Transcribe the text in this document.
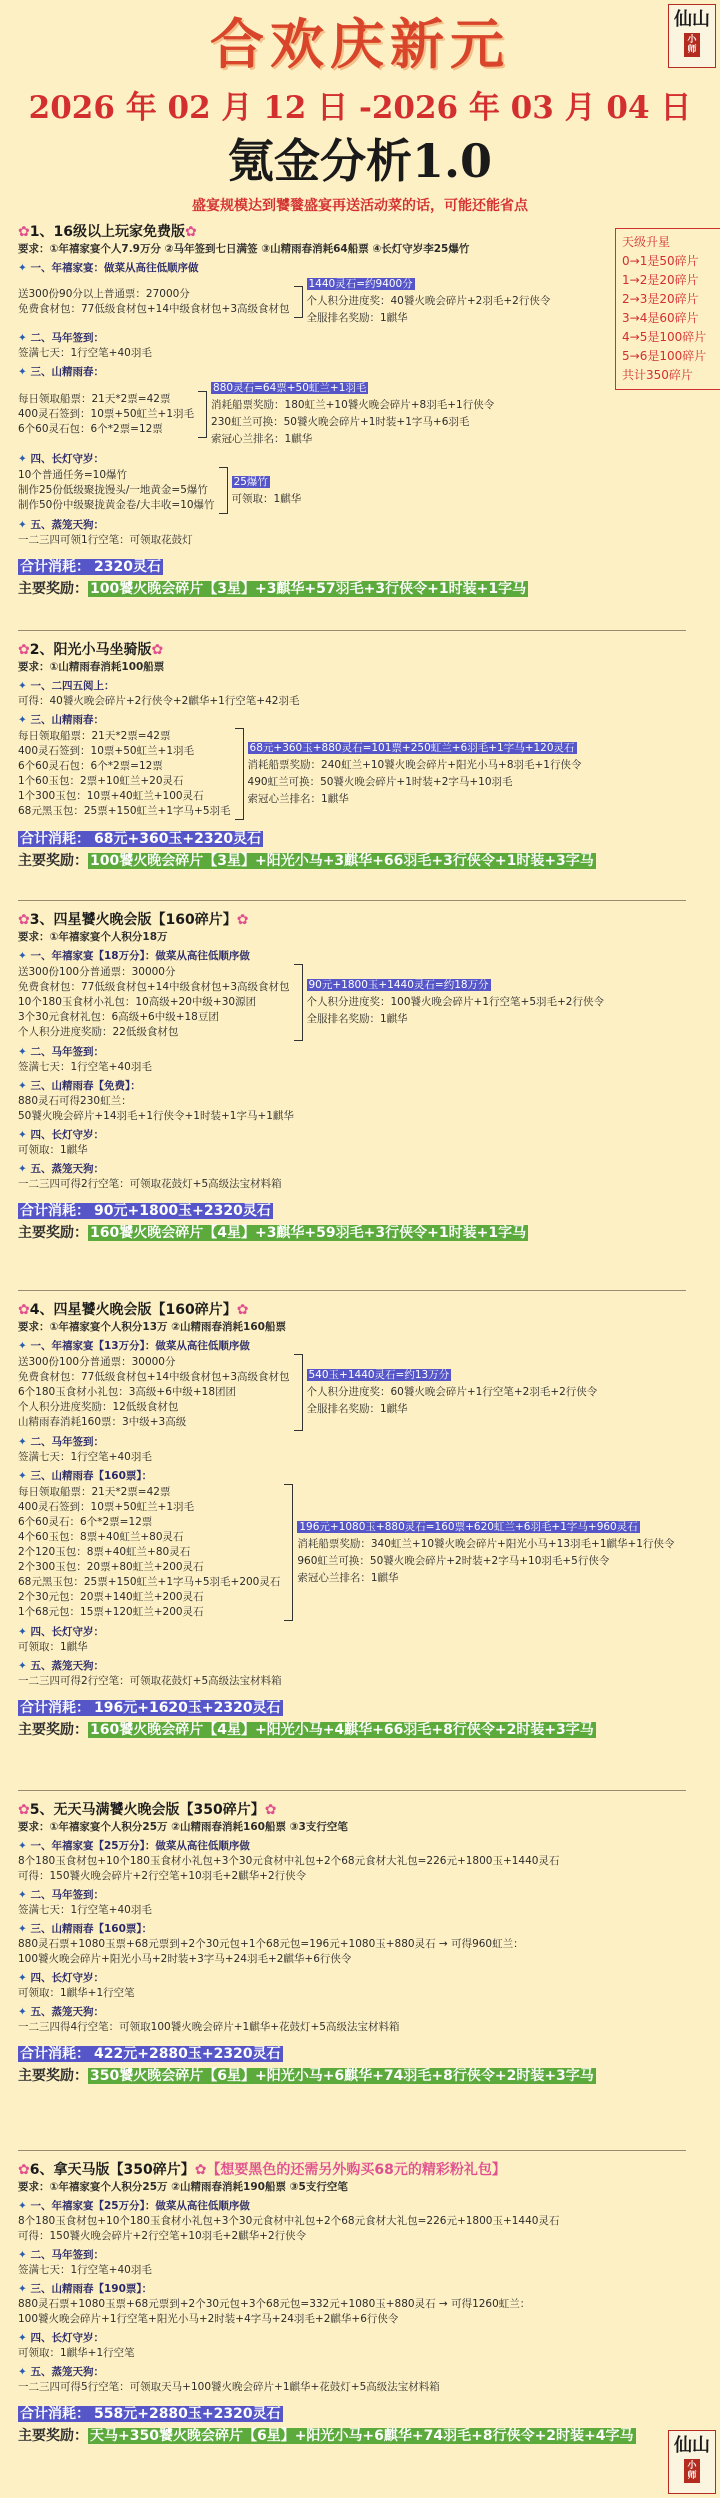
合欢庆新元
2026 年 02 月 12 日 -2026 年 03 月 04 日
氪金分析1.0
盛宴规模达到饕餮盛宴再送活动菜的话，可能还能省点
仙山
小师
仙山
小师
天级升星
0→1是50碎片
1→2是20碎片
2→3是20碎片
3→4是60碎片
4→5是100碎片
5→6是100碎片
共计350碎片
✿1、16级以上玩家免费版✿
要求：①年禧家宴个人7.9万分 ②马年签到七日满签 ③山精雨春消耗64船票 ④长灯守岁李25爆竹
✦ 一、年禧家宴：做菜从高往低顺序做
送300份90分以上普通票：27000分
免费食材包：77低级食材包+14中级食材包+3高级食材包
1440灵石=约9400分
个人积分进度奖：40饕火晚会碎片+2羽毛+2行侠令
全服排名奖励：1麒华
✦ 二、马年签到：
签满七天：1行空笔+40羽毛
✦ 三、山精雨春：
每日领取船票：21天*2票=42票
400灵石签到：10票+50虹兰+1羽毛
6个60灵石包：6个*2票=12票
880灵石=64票+50虹兰+1羽毛
消耗船票奖励：180虹兰+10饕火晚会碎片+8羽毛+1行侠令
230虹兰可换：50饕火晚会碎片+1时装+1字马+6羽毛
索冠心兰排名：1麒华
✦ 四、长灯守岁：
10个普通任务=10爆竹
制作25份低级聚拢馒头/一地黄金=5爆竹
制作50份中级聚拢黄金卷/大丰收=10爆竹
25爆竹
可领取：1麒华
✦ 五、蒸笼天狗：
一二三四可领1行空笔：可领取花鼓灯
合计消耗： 2320灵石
主要奖励： 100饕火晚会碎片【3星】+3麒华+57羽毛+3行侠令+1时装+1字马
✿2、阳光小马坐骑版✿
要求：①山精雨春消耗100船票
✦ 一、二四五阅上：
可得：40饕火晚会碎片+2行侠令+2麒华+1行空笔+42羽毛
✦ 三、山精雨春：
每日领取船票：21天*2票=42票
400灵石签到：10票+50虹兰+1羽毛
6个60灵石包：6个*2票=12票
1个60玉包：2票+10虹兰+20灵石
1个300玉包：10票+40虹兰+100灵石
68元黑玉包：25票+150虹兰+1字马+5羽毛
68元+360玉+880灵石=101票+250虹兰+6羽毛+1字马+120灵石
消耗船票奖励：240虹兰+10饕火晚会碎片+阳光小马+8羽毛+1行侠令
490虹兰可换：50饕火晚会碎片+1时装+2字马+10羽毛
索冠心兰排名：1麒华
合计消耗： 68元+360玉+2320灵石
主要奖励： 100饕火晚会碎片【3星】+阳光小马+3麒华+66羽毛+3行侠令+1时装+3字马
✿3、四星饕火晚会版【160碎片】✿
要求：①年禧家宴个人积分18万
✦ 一、年禧家宴【18万分】：做菜从高往低顺序做
送300份100分普通票：30000分
免费食材包：77低级食材包+14中级食材包+3高级食材包
10个180玉食材小礼包：10高级+20中级+30源团
3个30元食材礼包：6高级+6中级+18豆团
个人积分进度奖励：22低级食材包
90元+1800玉+1440灵石=约18万分
个人积分进度奖：100饕火晚会碎片+1行空笔+5羽毛+2行侠令
全服排名奖励：1麒华
✦ 二、马年签到：
签满七天：1行空笔+40羽毛
✦ 三、山精雨春【免费】：
880灵石可得230虹兰：
50饕火晚会碎片+14羽毛+1行侠令+1时装+1字马+1麒华
✦ 四、长灯守岁：
可领取：1麒华
✦ 五、蒸笼天狗：
一二三四可得2行空笔：可领取花鼓灯+5高级法宝材料箱
合计消耗： 90元+1800玉+2320灵石
主要奖励： 160饕火晚会碎片【4星】+3麒华+59羽毛+3行侠令+1时装+1字马
✿4、四星饕火晚会版【160碎片】✿
要求：①年禧家宴个人积分13万 ②山精雨春消耗160船票
✦ 一、年禧家宴【13万分】：做菜从高往低顺序做
送300份100分普通票：30000分
免费食材包：77低级食材包+14中级食材包+3高级食材包
6个180玉食材小礼包：3高级+6中级+18团团
个人积分进度奖励：12低级食材包
山精雨春消耗160票：3中级+3高级
540玉+1440灵石=约13万分
个人积分进度奖：60饕火晚会碎片+1行空笔+2羽毛+2行侠令
全服排名奖励：1麒华
✦ 二、马年签到：
签满七天：1行空笔+40羽毛
✦ 三、山精雨春【160票】：
每日领取船票：21天*2票=42票
400灵石签到：10票+50虹兰+1羽毛
6个60灵石：6个*2票=12票
4个60玉包：8票+40虹兰+80灵石
2个120玉包：8票+40虹兰+80灵石
2个300玉包：20票+80虹兰+200灵石
68元黑玉包：25票+150虹兰+1字马+5羽毛+200灵石
2个30元包：20票+140虹兰+200灵石
1个68元包：15票+120虹兰+200灵石
196元+1080玉+880灵石=160票+620虹兰+6羽毛+1字马+960灵石
消耗船票奖励：340虹兰+10饕火晚会碎片+阳光小马+13羽毛+1麒华+1行侠令
960虹兰可换：50饕火晚会碎片+2时装+2字马+10羽毛+5行侠令
索冠心兰排名：1麒华
✦ 四、长灯守岁：
可领取：1麒华
✦ 五、蒸笼天狗：
一二三四可得2行空笔：可领取花鼓灯+5高级法宝材料箱
合计消耗： 196元+1620玉+2320灵石
主要奖励： 160饕火晚会碎片【4星】+阳光小马+4麒华+66羽毛+8行侠令+2时装+3字马
✿5、无天马满饕火晚会版【350碎片】✿
要求：①年禧家宴个人积分25万 ②山精雨春消耗160船票 ③3支行空笔
✦ 一、年禧家宴【25万分】：做菜从高往低顺序做
8个180玉食材包+10个180玉食材小礼包+3个30元食材中礼包+2个68元食材大礼包=226元+1800玉+1440灵石
可得：150饕火晚会碎片+2行空笔+10羽毛+2麒华+2行侠令
✦ 二、马年签到：
签满七天：1行空笔+40羽毛
✦ 三、山精雨春【160票】：
880灵石票+1080玉票+68元票到+2个30元包+1个68元包=196元+1080玉+880灵石 → 可得960虹兰：
100饕火晚会碎片+阳光小马+2时装+3字马+24羽毛+2麒华+6行侠令
✦ 四、长灯守岁：
可领取：1麒华+1行空笔
✦ 五、蒸笼天狗：
一二三四得4行空笔：可领取100饕火晚会碎片+1麒华+花鼓灯+5高级法宝材料箱
合计消耗： 422元+2880玉+2320灵石
主要奖励： 350饕火晚会碎片【6星】+阳光小马+6麒华+74羽毛+8行侠令+2时装+3字马
✿6、拿天马版【350碎片】✿【想要黑色的还需另外购买68元的精彩粉礼包】
要求：①年禧家宴个人积分25万 ②山精雨春消耗190船票 ③5支行空笔
✦ 一、年禧家宴【25万分】：做菜从高往低顺序做
8个180玉食材包+10个180玉食材小礼包+3个30元食材中礼包+2个68元食材大礼包=226元+1800玉+1440灵石
可得：150饕火晚会碎片+2行空笔+10羽毛+2麒华+2行侠令
✦ 二、马年签到：
签满七天：1行空笔+40羽毛
✦ 三、山精雨春【190票】：
880灵石票+1080玉票+68元票到+2个30元包+3个68元包=332元+1080玉+880灵石 → 可得1260虹兰：
100饕火晚会碎片+1行空笔+阳光小马+2时装+4字马+24羽毛+2麒华+6行侠令
✦ 四、长灯守岁：
可领取：1麒华+1行空笔
✦ 五、蒸笼天狗：
一二三四可得5行空笔：可领取天马+100饕火晚会碎片+1麒华+花鼓灯+5高级法宝材料箱
合计消耗： 558元+2880玉+2320灵石
主要奖励： 天马+350饕火晚会碎片【6星】+阳光小马+6麒华+74羽毛+8行侠令+2时装+4字马
